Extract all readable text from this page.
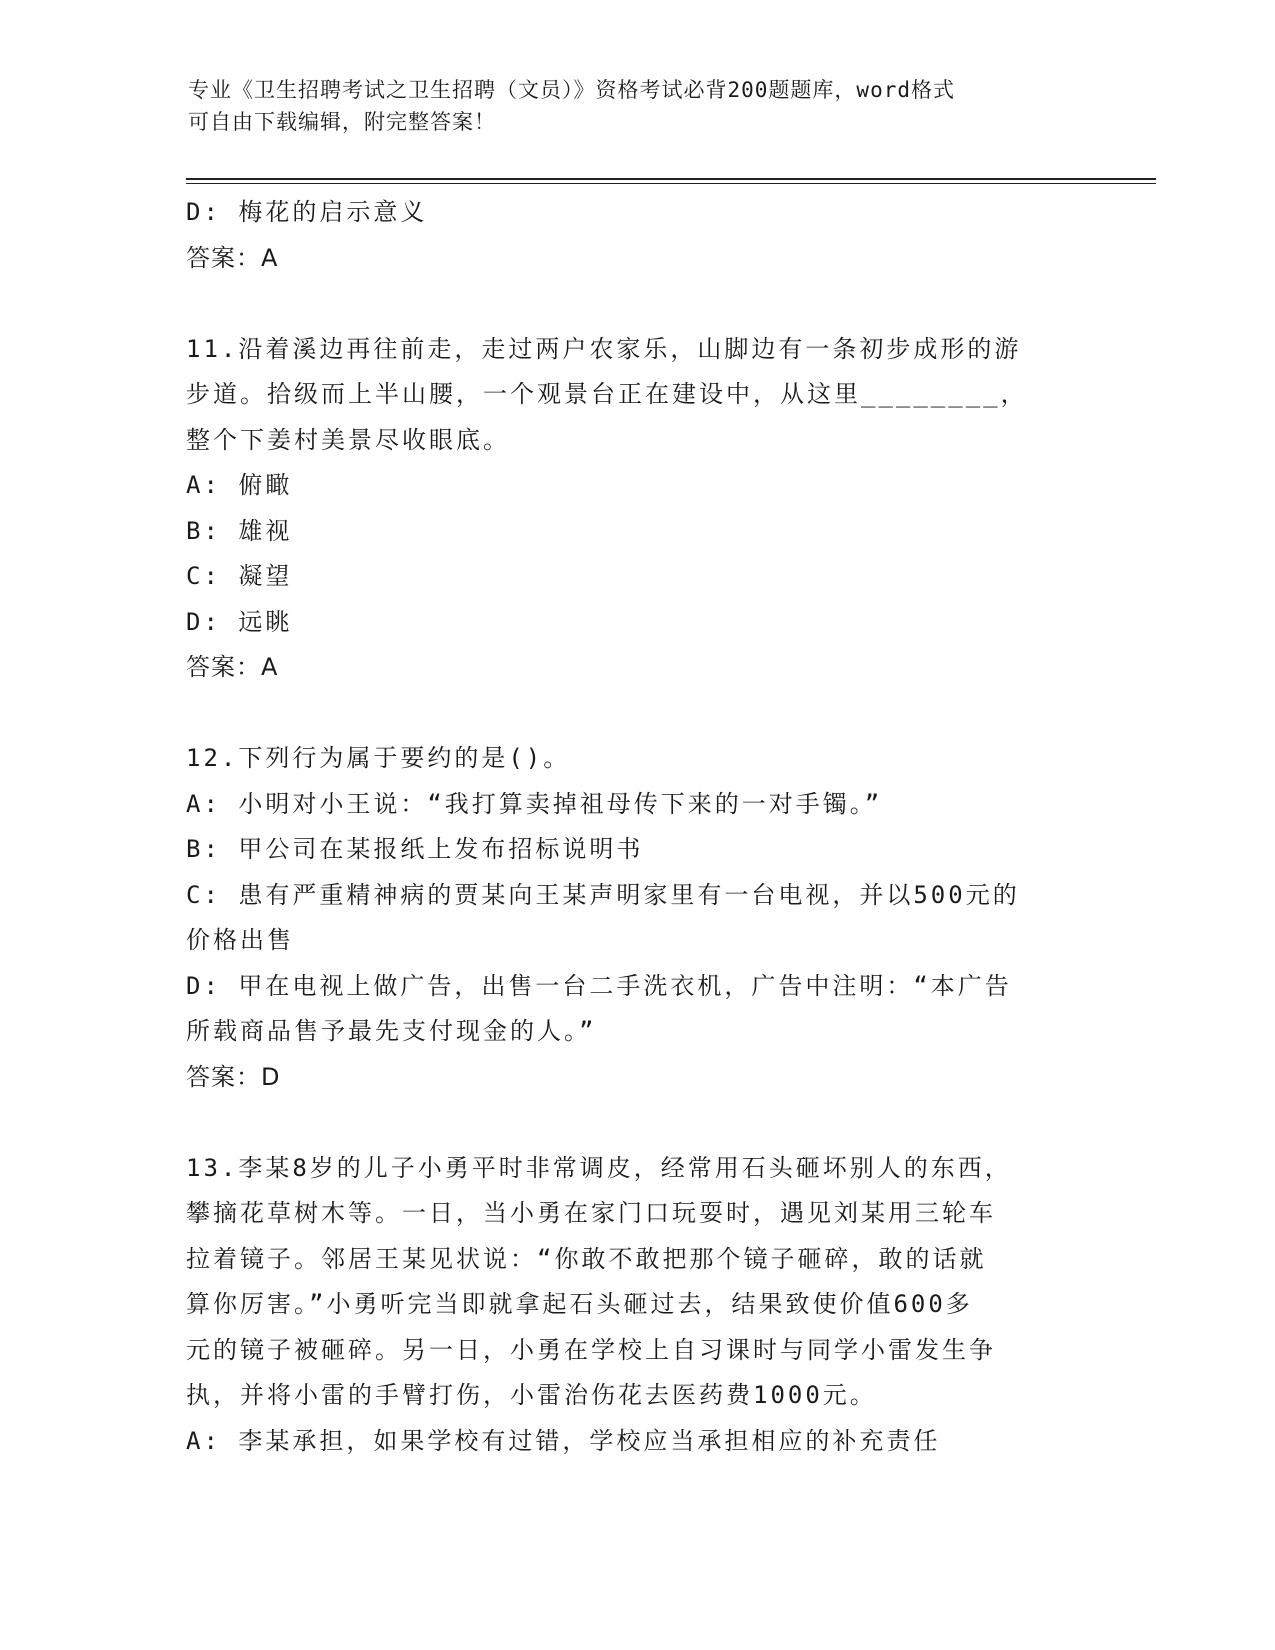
专业《卫生招聘考试之卫生招聘（文员）》资格考试必背200题题库，word格式
可自由下载编辑，附完整答案！
D: 梅花的启示意义
答案：A
11.沿着溪边再往前走，走过两户农家乐，山脚边有一条初步成形的游
步道。拾级而上半山腰，一个观景台正在建设中，从这里________，
整个下姜村美景尽收眼底。
A: 俯瞰
B: 雄视
C: 凝望
D: 远眺
答案：A
12.下列行为属于要约的是()。
A: 小明对小王说：“我打算卖掉祖母传下来的一对手镯。”
B: 甲公司在某报纸上发布招标说明书
C: 患有严重精神病的贾某向王某声明家里有一台电视，并以500元的
价格出售
D: 甲在电视上做广告，出售一台二手洗衣机，广告中注明：“本广告
所载商品售予最先支付现金的人。”
答案：D
13.李某8岁的儿子小勇平时非常调皮，经常用石头砸坏别人的东西，
攀摘花草树木等。一日，当小勇在家门口玩耍时，遇见刘某用三轮车
拉着镜子。邻居王某见状说：“你敢不敢把那个镜子砸碎，敢的话就
算你厉害。”小勇听完当即就拿起石头砸过去，结果致使价值600多
元的镜子被砸碎。另一日，小勇在学校上自习课时与同学小雷发生争
执，并将小雷的手臂打伤，小雷治伤花去医药费1000元。
A: 李某承担，如果学校有过错，学校应当承担相应的补充责任
